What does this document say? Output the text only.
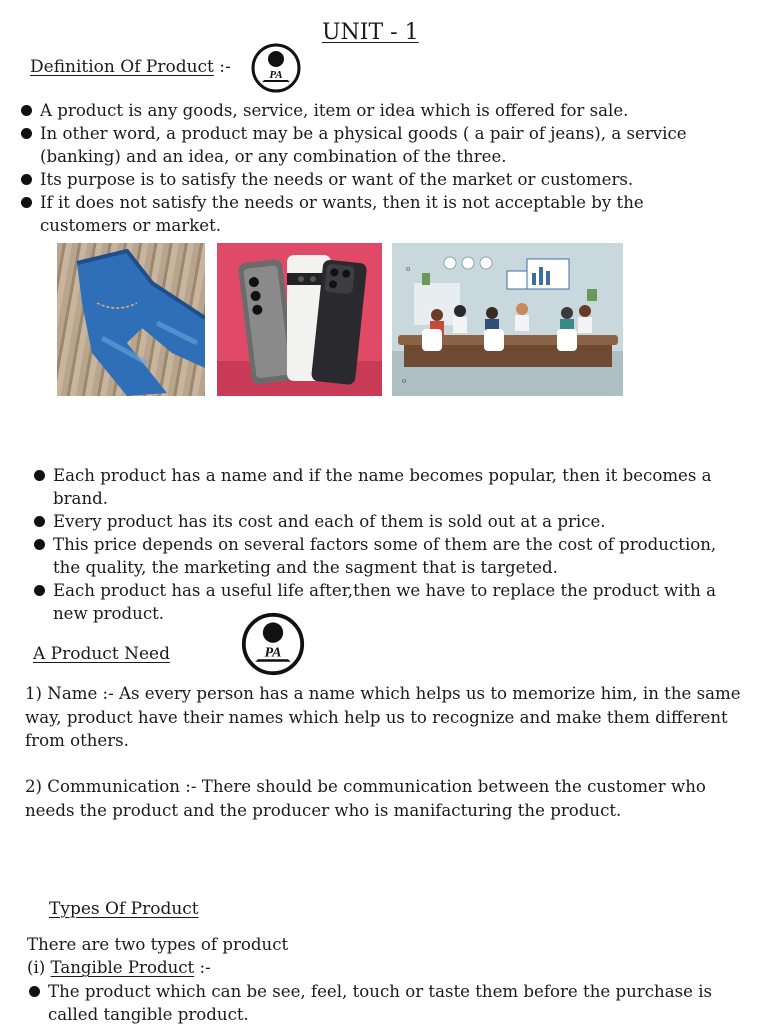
UNIT - 1
Definition Of Product :-	PA
A product is any goods, service, item or idea which is offered for sale.
In other word, a product may be a physical goods ( a pair of jeans), a service (banking) and an idea, or any combination of the three.
Its purpose is to satisfy the needs or want of the market or customers.
If it does not satisfy the needs or wants, then it is not acceptable by the customers or market.
o
o
Each product has a name and if the name becomes popular, then it becomes a brand.
Every product has its cost and each of them is sold out at a price.
This price depends on several factors some of them are the cost of production, the quality, the marketing and the sagment that is targeted.
Each product has a useful life after,then we have to replace the product with a new product.
A Product Need	PA
1) Name :- As every person has a name which helps us to memorize him, in the same way, product have their names which help us to recognize and make them different from others.
2) Communication :- There should be communication between the customer who needs the product and the producer who is manifacturing the product.
Types Of Product
There are two types of product
(i) Tangible Product :-
The product which can be see, feel, touch or taste them before the purchase is called tangible product.
